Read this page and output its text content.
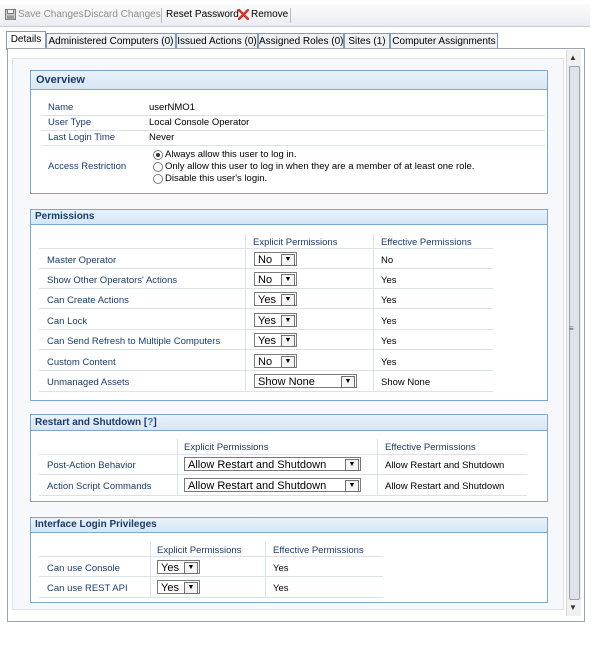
Save Changes Discard Changes Reset Password Remove
Details Administered Computers (0) Issued Actions (0) Assigned Roles (0) Sites (1) Computer Assignments
▲
≡
▼
Overview
Name	userNMO1
User Type	Local Console Operator
Last Login Time	Never
Access Restriction
Always allow this user to log in.
Only allow this user to log in when they are a member of at least one role.
Disable this user's login.
Permissions
Explicit Permissions	Effective Permissions
Master Operator	No	▼	No
Show Other Operators' Actions	No	▼	Yes
Can Create Actions	Yes	▼	Yes
Can Lock	Yes	▼	Yes
Can Send Refresh to Multiple Computers	Yes	▼	Yes
Custom Content	No	▼	Yes
Unmanaged Assets	Show None	▼	Show None
Restart and Shutdown [?]
Explicit Permissions	Effective Permissions
Post-Action Behavior	Allow Restart and Shutdown	▼	Allow Restart and Shutdown
Action Script Commands	Allow Restart and Shutdown	▼	Allow Restart and Shutdown
Interface Login Privileges
Explicit Permissions	Effective Permissions
Can use Console	Yes	▼	Yes
Can use REST API	Yes	▼	Yes
